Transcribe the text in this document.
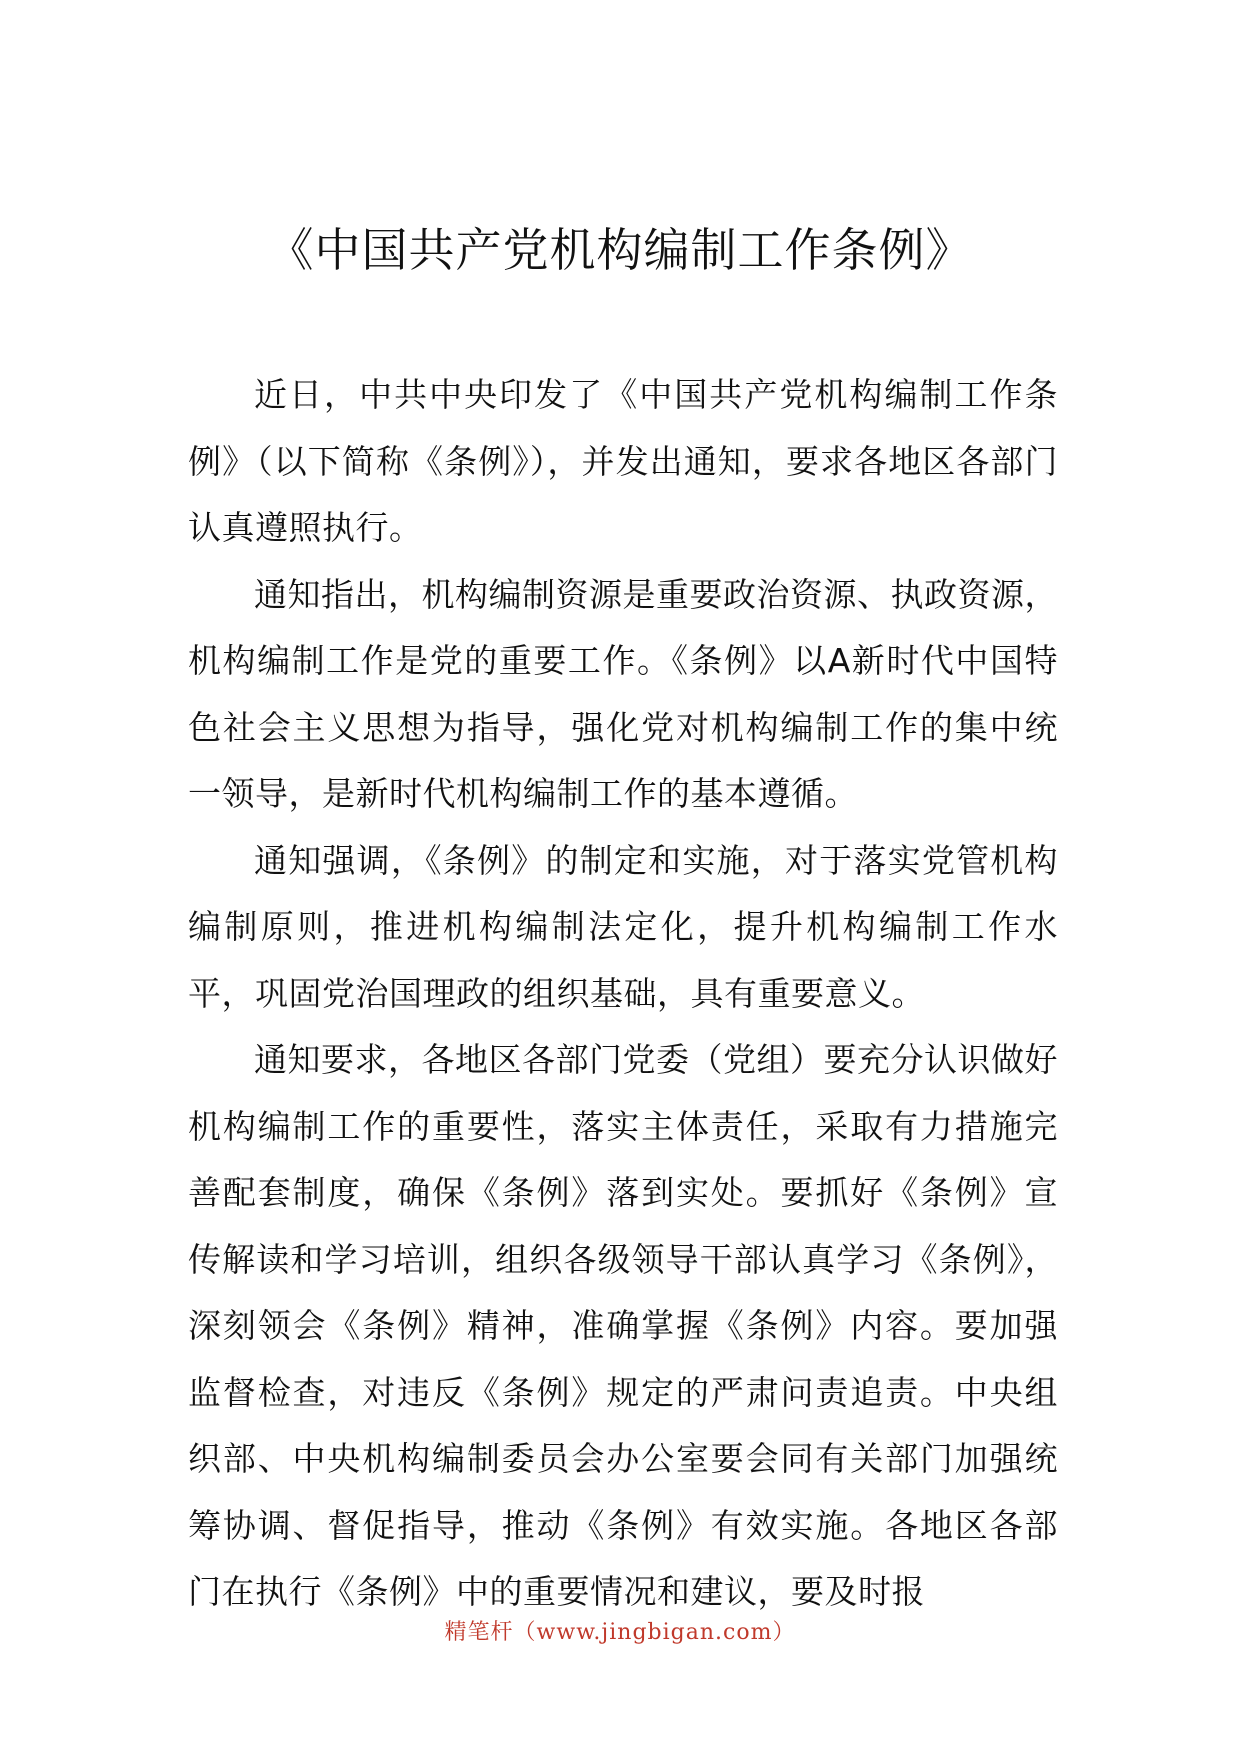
《中国共产党机构编制工作条例》

近日，中共中央印发了《中国共产党机构编制工作条例》（以下简称《条例》），并发出通知，要求各地区各部门认真遵照执行。

通知指出，机构编制资源是重要政治资源、执政资源，机构编制工作是党的重要工作。《条例》以A新时代中国特色社会主义思想为指导，强化党对机构编制工作的集中统一领导，是新时代机构编制工作的基本遵循。

通知强调，《条例》的制定和实施，对于落实党管机构编制原则，推进机构编制法定化，提升机构编制工作水平，巩固党治国理政的组织基础，具有重要意义。

通知要求，各地区各部门党委（党组）要充分认识做好机构编制工作的重要性，落实主体责任，采取有力措施完善配套制度，确保《条例》落到实处。要抓好《条例》宣传解读和学习培训，组织各级领导干部认真学习《条例》，深刻领会《条例》精神，准确掌握《条例》内容。要加强监督检查，对违反《条例》规定的严肃问责追责。中央组织部、中央机构编制委员会办公室要会同有关部门加强统筹协调、督促指导，推动《条例》有效实施。各地区各部门在执行《条例》中的重要情况和建议，要及时报

精笔杆（www.jingbigan.com）
